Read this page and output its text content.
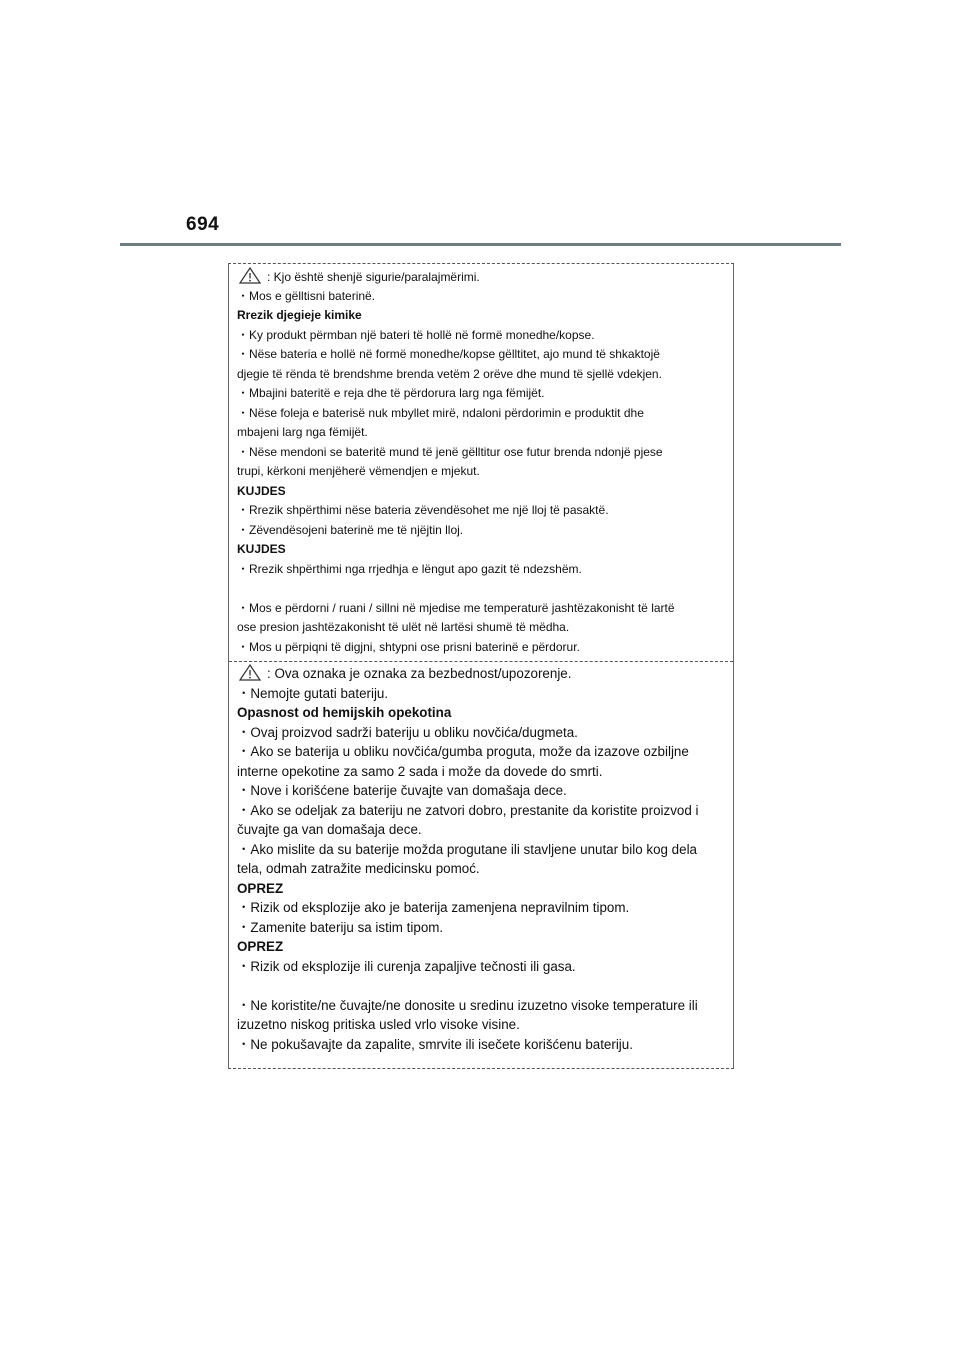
694
: Kjo është shenjë sigurie/paralajmërimi.
・Mos e gëlltisni baterinë.
Rrezik djegieje kimike
・Ky produkt përmban një bateri të hollë në formë monedhe/kopse.
・Nëse bateria e hollë në formë monedhe/kopse gëlltitet, ajo mund të shkaktojë
djegie të rënda të brendshme brenda vetëm 2 orëve dhe mund të sjellë vdekjen.
・Mbajini bateritë e reja dhe të përdorura larg nga fëmijët.
・Nëse foleja e baterisë nuk mbyllet mirë, ndaloni përdorimin e produktit dhe
mbajeni larg nga fëmijët.
・Nëse mendoni se bateritë mund të jenë gëlltitur ose futur brenda ndonjë pjese
trupi, kërkoni menjëherë vëmendjen e mjekut.
KUJDES
・Rrezik shpërthimi nëse bateria zëvendësohet me një lloj të pasaktë.
・Zëvendësojeni baterinë me të njëjtin lloj.
KUJDES
・Rrezik shpërthimi nga rrjedhja e lëngut apo gazit të ndezshëm.
・Mos e përdorni / ruani / sillni në mjedise me temperaturë jashtëzakonisht të lartë
ose presion jashtëzakonisht të ulët në lartësi shumë të mëdha.
・Mos u përpiqni të digjni, shtypni ose prisni baterinë e përdorur.
: Ova oznaka je oznaka za bezbednost/upozorenje.
・Nemojte gutati bateriju.
Opasnost od hemijskih opekotina
・Ovaj proizvod sadrži bateriju u obliku novčića/dugmeta.
・Ako se baterija u obliku novčića/gumba proguta, može da izazove ozbiljne
interne opekotine za samo 2 sada i može da dovede do smrti.
・Nove i korišćene baterije čuvajte van domašaja dece.
・Ako se odeljak za bateriju ne zatvori dobro, prestanite da koristite proizvod i
čuvajte ga van domašaja dece.
・Ako mislite da su baterije možda progutane ili stavljene unutar bilo kog dela
tela, odmah zatražite medicinsku pomoć.
OPREZ
・Rizik od eksplozije ako je baterija zamenjena nepravilnim tipom.
・Zamenite bateriju sa istim tipom.
OPREZ
・Rizik od eksplozije ili curenja zapaljive tečnosti ili gasa.
・Ne koristite/ne čuvajte/ne donosite u sredinu izuzetno visoke temperature ili
izuzetno niskog pritiska usled vrlo visoke visine.
・Ne pokušavajte da zapalite, smrvite ili isečete korišćenu bateriju.
